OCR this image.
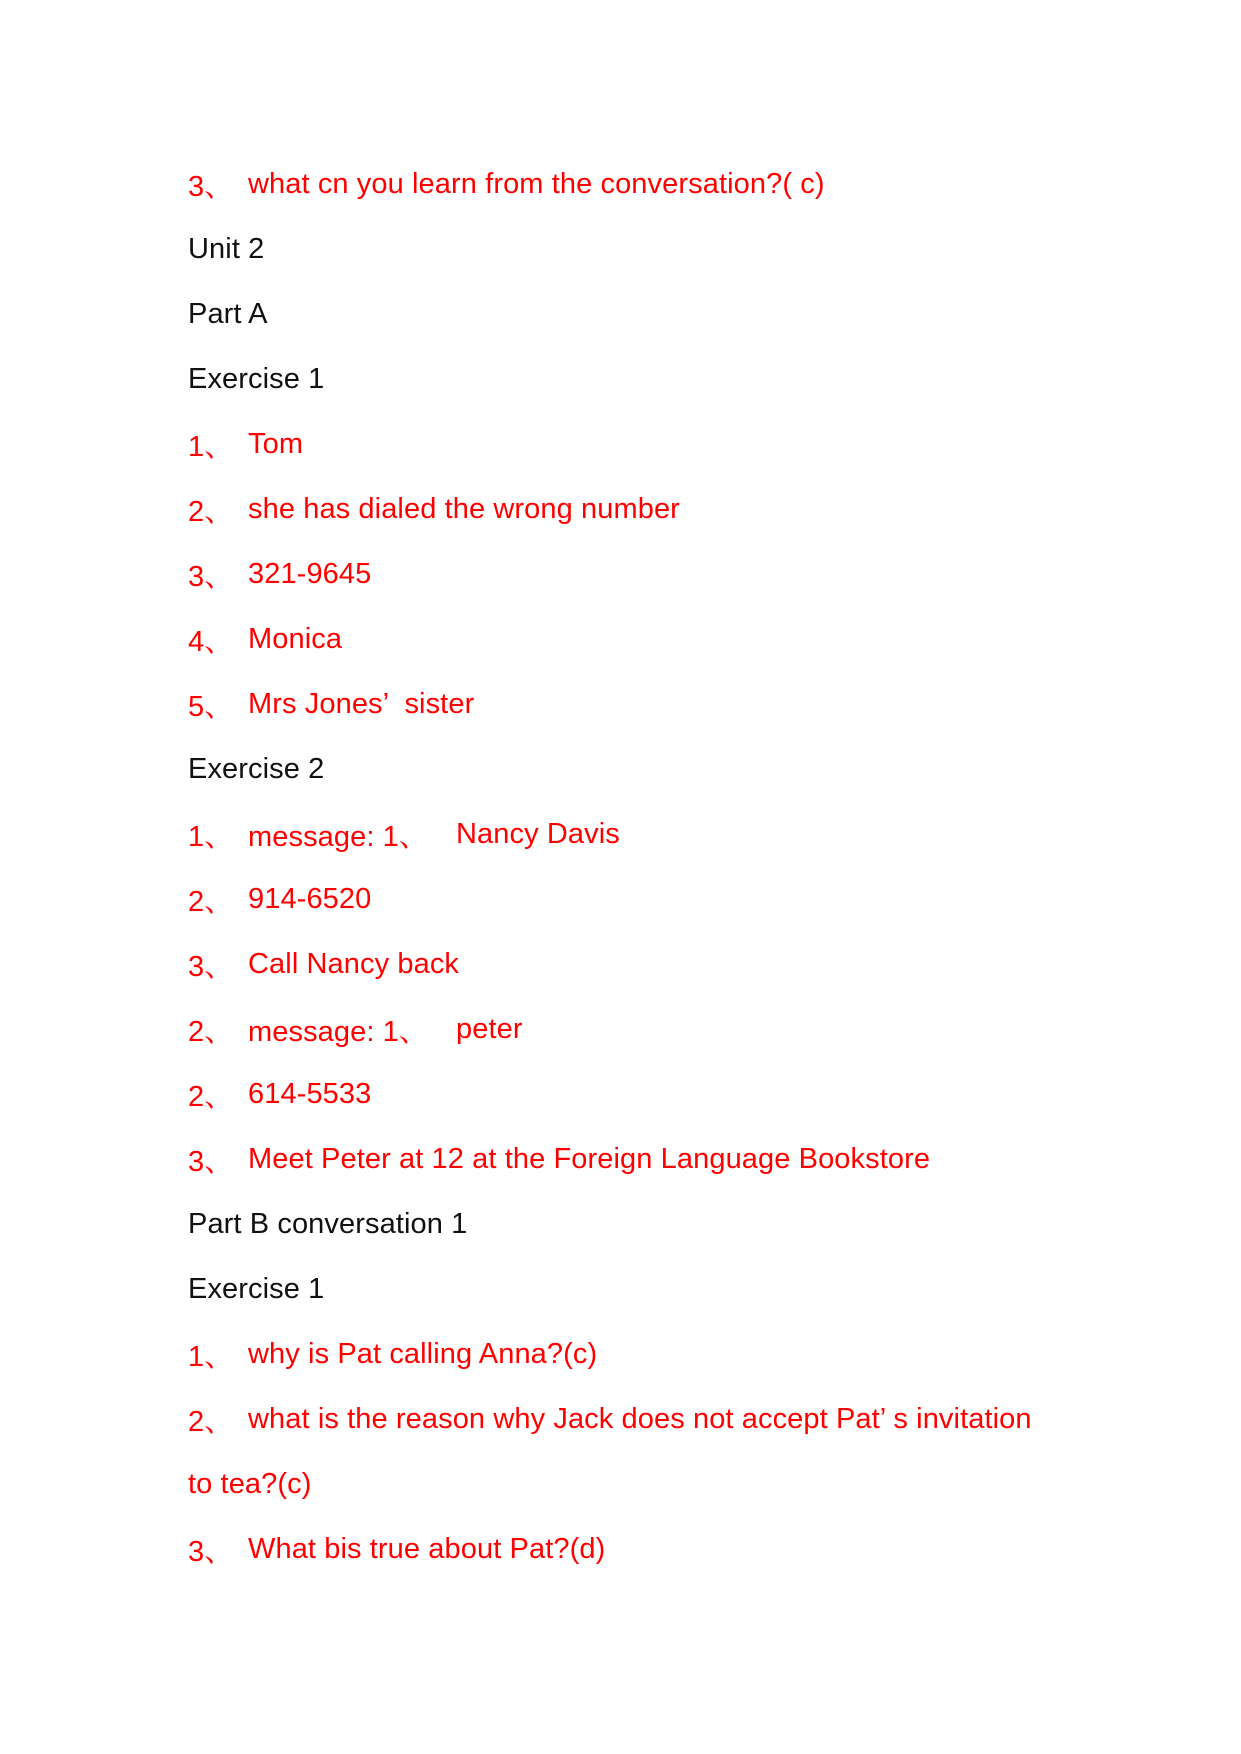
3、 what cn you learn from the conversation?( c)
Unit 2
Part A
Exercise 1
1、 Tom
2、 she has dialed the wrong number
3、 321-9645
4、 Monica
5、 Mrs Jones’  sister
Exercise 2
1、 message: 1、 Nancy Davis
2、 914-6520
3、 Call Nancy back
2、 message: 1、 peter
2、 614-5533
3、 Meet Peter at 12 at the Foreign Language Bookstore
Part B conversation 1
Exercise 1
1、 why is Pat calling Anna?(c)
2、 what is the reason why Jack does not accept Pat’ s invitation
to tea?(c)
3、 What bis true about Pat?(d)
